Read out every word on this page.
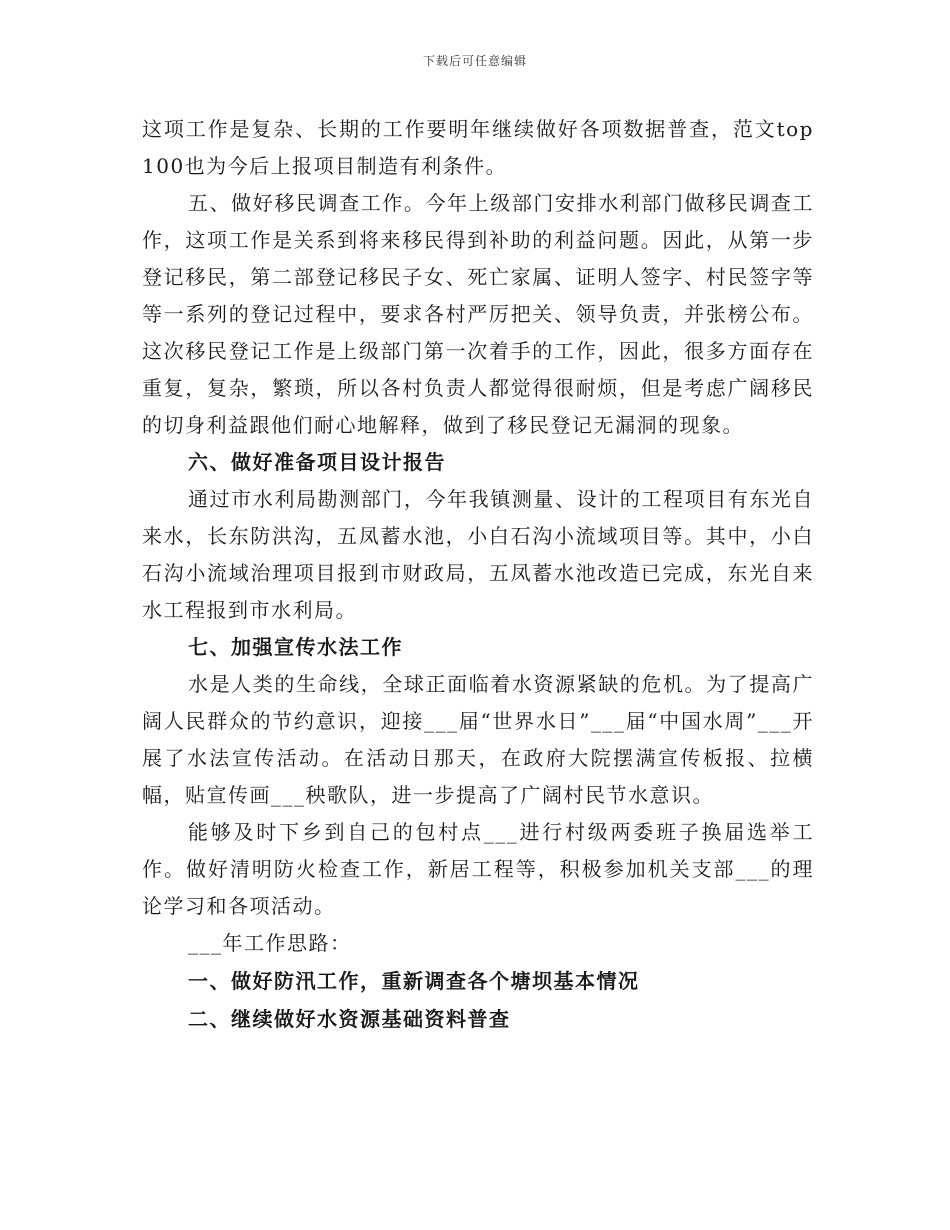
下载后可任意编辑

这项工作是复杂、长期的工作要明年继续做好各项数据普查，范文top 100也为今后上报项目制造有利条件。

五、做好移民调查工作。今年上级部门安排水利部门做移民调查工作，这项工作是关系到将来移民得到补助的利益问题。因此，从第一步登记移民，第二部登记移民子女、死亡家属、证明人签字、村民签字等等一系列的登记过程中，要求各村严厉把关、领导负责，并张榜公布。这次移民登记工作是上级部门第一次着手的工作，因此，很多方面存在重复，复杂，繁琐，所以各村负责人都觉得很耐烦，但是考虑广阔移民的切身利益跟他们耐心地解释，做到了移民登记无漏洞的现象。

六、做好准备项目设计报告

通过市水利局勘测部门，今年我镇测量、设计的工程项目有东光自来水，长东防洪沟，五凤蓄水池，小白石沟小流域项目等。其中，小白石沟小流域治理项目报到市财政局，五凤蓄水池改造已完成，东光自来水工程报到市水利局。

七、加强宣传水法工作

水是人类的生命线，全球正面临着水资源紧缺的危机。为了提高广阔人民群众的节约意识，迎接___届“世界水日”___届“中国水周”___开展了水法宣传活动。在活动日那天，在政府大院摆满宣传板报、拉横幅，贴宣传画___秧歌队，进一步提高了广阔村民节水意识。

能够及时下乡到自己的包村点___进行村级两委班子换届选举工作。做好清明防火检查工作，新居工程等，积极参加机关支部___的理论学习和各项活动。

___年工作思路：

一、做好防汛工作，重新调查各个塘坝基本情况

二、继续做好水资源基础资料普查
